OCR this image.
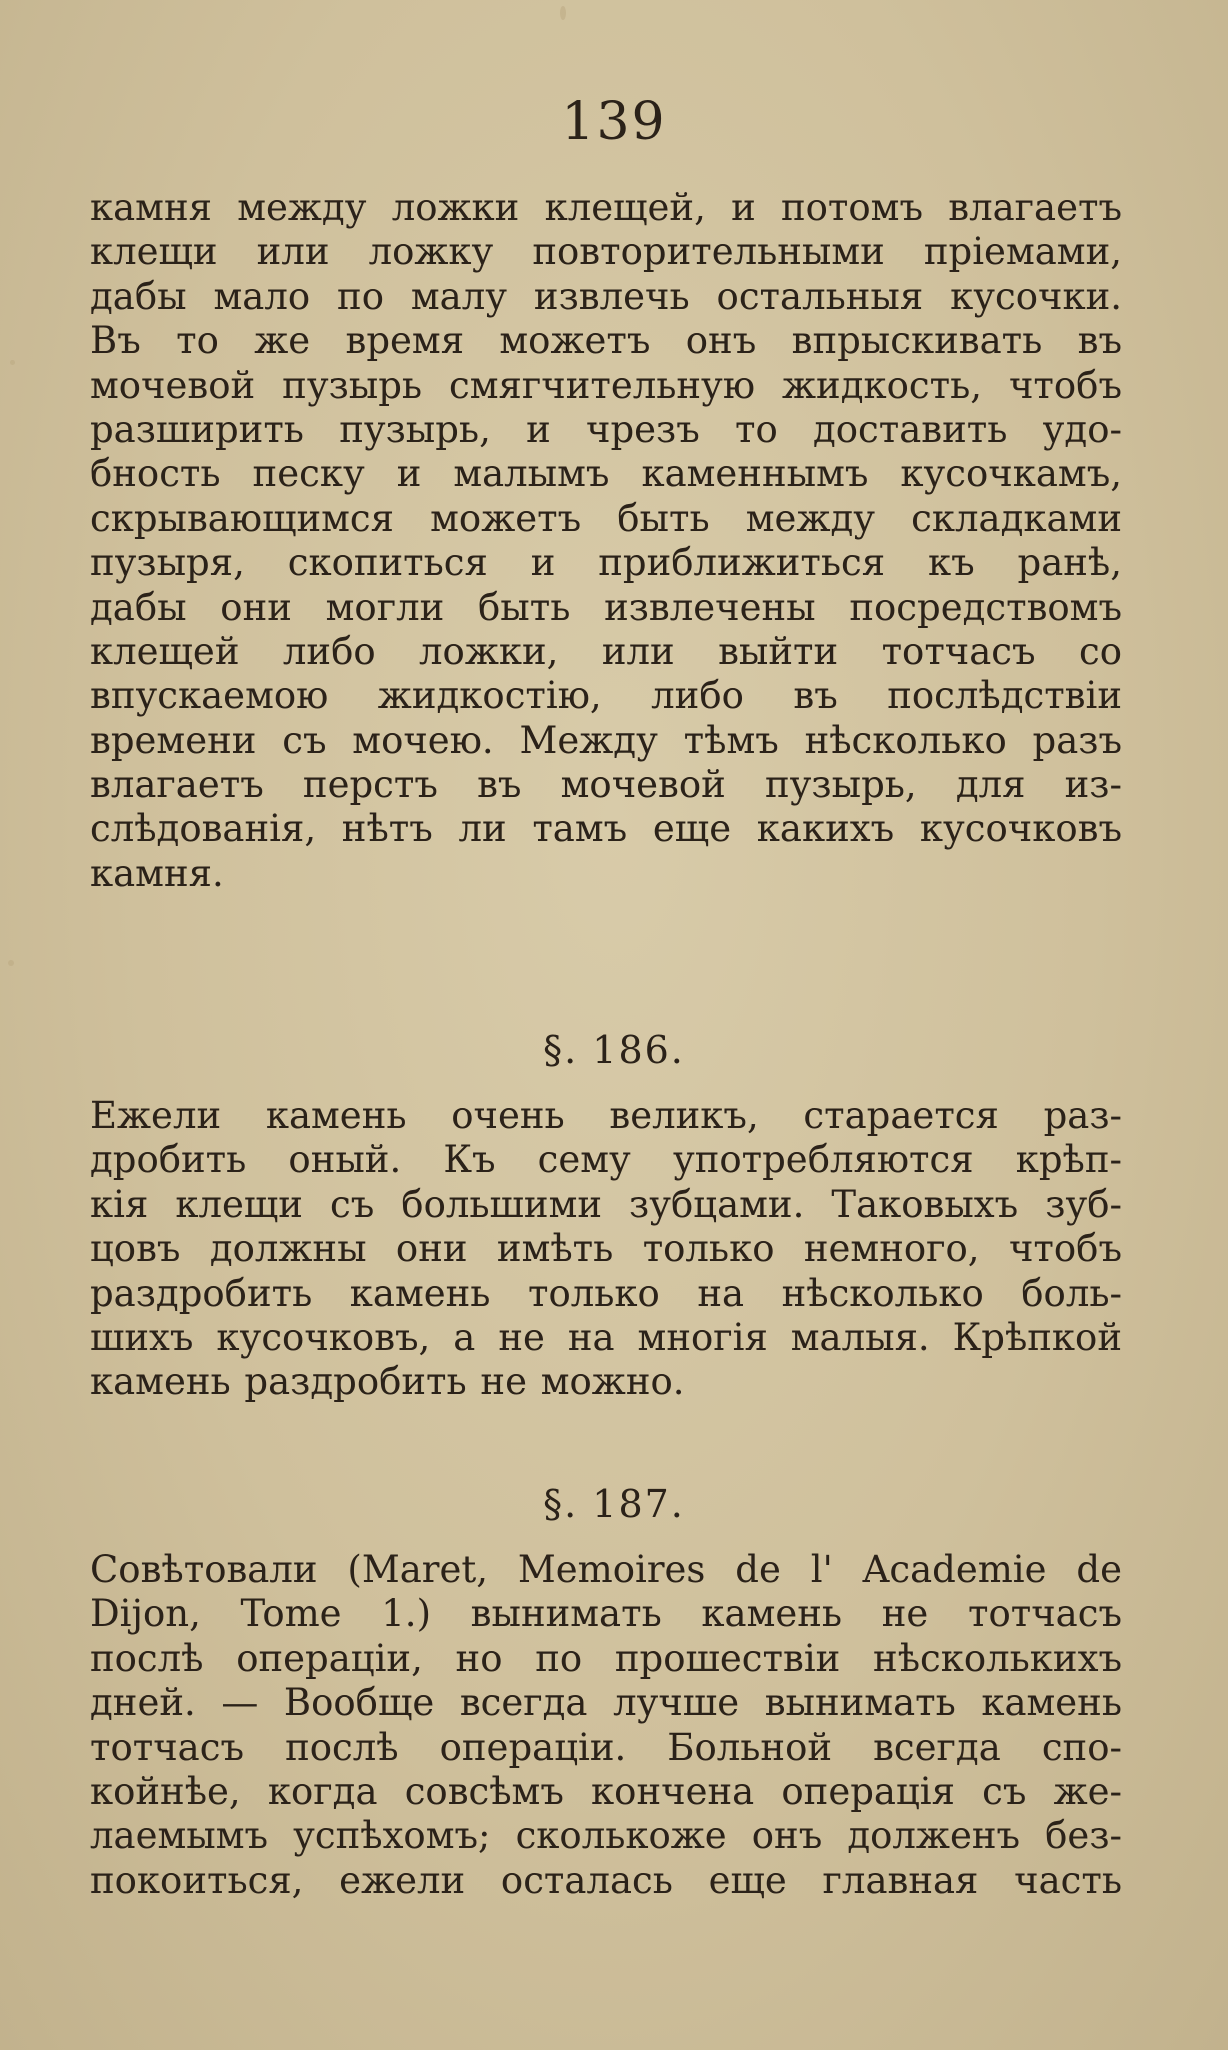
139
камня между ложки клещей, и потомъ влагаетъ
клещи или ложку повторительными пріемами,
дабы мало по малу извлечь остальныя кусочки.
Въ то же время можетъ онъ впрыскивать въ
мочевой пузырь смягчительную жидкость, чтобъ
разширить пузырь, и чрезъ то доставить удо-
бность песку и малымъ каменнымъ кусочкамъ,
скрывающимся можетъ быть между складками
пузыря, скопиться и приближиться къ ранѣ,
дабы они могли быть извлечены посредствомъ
клещей либо ложки, или выйти тотчасъ со
впускаемою жидкостію, либо въ послѣдствіи
времени съ мочею. Между тѣмъ нѣсколько разъ
влагаетъ перстъ въ мочевой пузырь, для из-
слѣдованія, нѣтъ ли тамъ еще какихъ кусочковъ
камня.
§. 186.
Ежели камень очень великъ, старается раз-
дробить оный. Къ сему употребляются крѣп-
кія клещи съ большими зубцами. Таковыхъ зуб-
цовъ должны они имѣть только немного, чтобъ
раздробить камень только на нѣсколько боль-
шихъ кусочковъ, а не на многія малыя. Крѣпкой
камень раздробить не можно.
§. 187.
Совѣтовали (Maret, Memoires de l' Academie de
Dijon, Tome 1.) вынимать камень не тотчасъ
послѣ операціи, но по прошествіи нѣсколькихъ
дней. — Вообще всегда лучше вынимать камень
тотчасъ послѣ операціи. Больной всегда спо-
койнѣе, когда совсѣмъ кончена операція съ же-
лаемымъ успѣхомъ; сколькоже онъ долженъ без-
покоиться, ежели осталась еще главная часть
